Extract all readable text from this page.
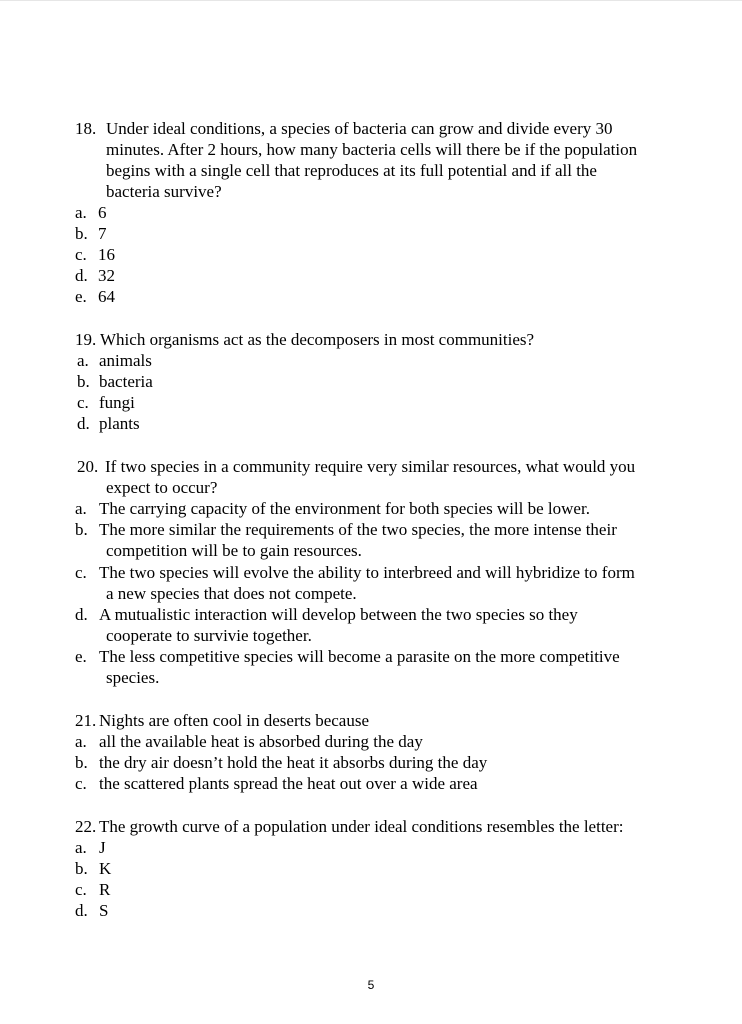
18. Under ideal conditions, a species of bacteria can grow and divide every 30
minutes. After 2 hours, how many bacteria cells will there be if the population
begins with a single cell that reproduces at its full potential and if all the
bacteria survive?
a. 6
b. 7
c. 16
d. 32
e. 64
19. Which organisms act as the decomposers in most communities?
a. animals
b. bacteria
c. fungi
d. plants
20. If two species in a community require very similar resources, what would you
expect to occur?
a. The carrying capacity of the environment for both species will be lower.
b. The more similar the requirements of the two species, the more intense their
competition will be to gain resources.
c. The two species will evolve the ability to interbreed and will hybridize to form
a new species that does not compete.
d. A mutualistic interaction will develop between the two species so they
cooperate to survivie together.
e. The less competitive species will become a parasite on the more competitive
species.
21. Nights are often cool in deserts because
a. all the available heat is absorbed during the day
b. the dry air doesn’t hold the heat it absorbs during the day
c. the scattered plants spread the heat out over a wide area
22. The growth curve of a population under ideal conditions resembles the letter:
a. J
b. K
c. R
d. S
5
